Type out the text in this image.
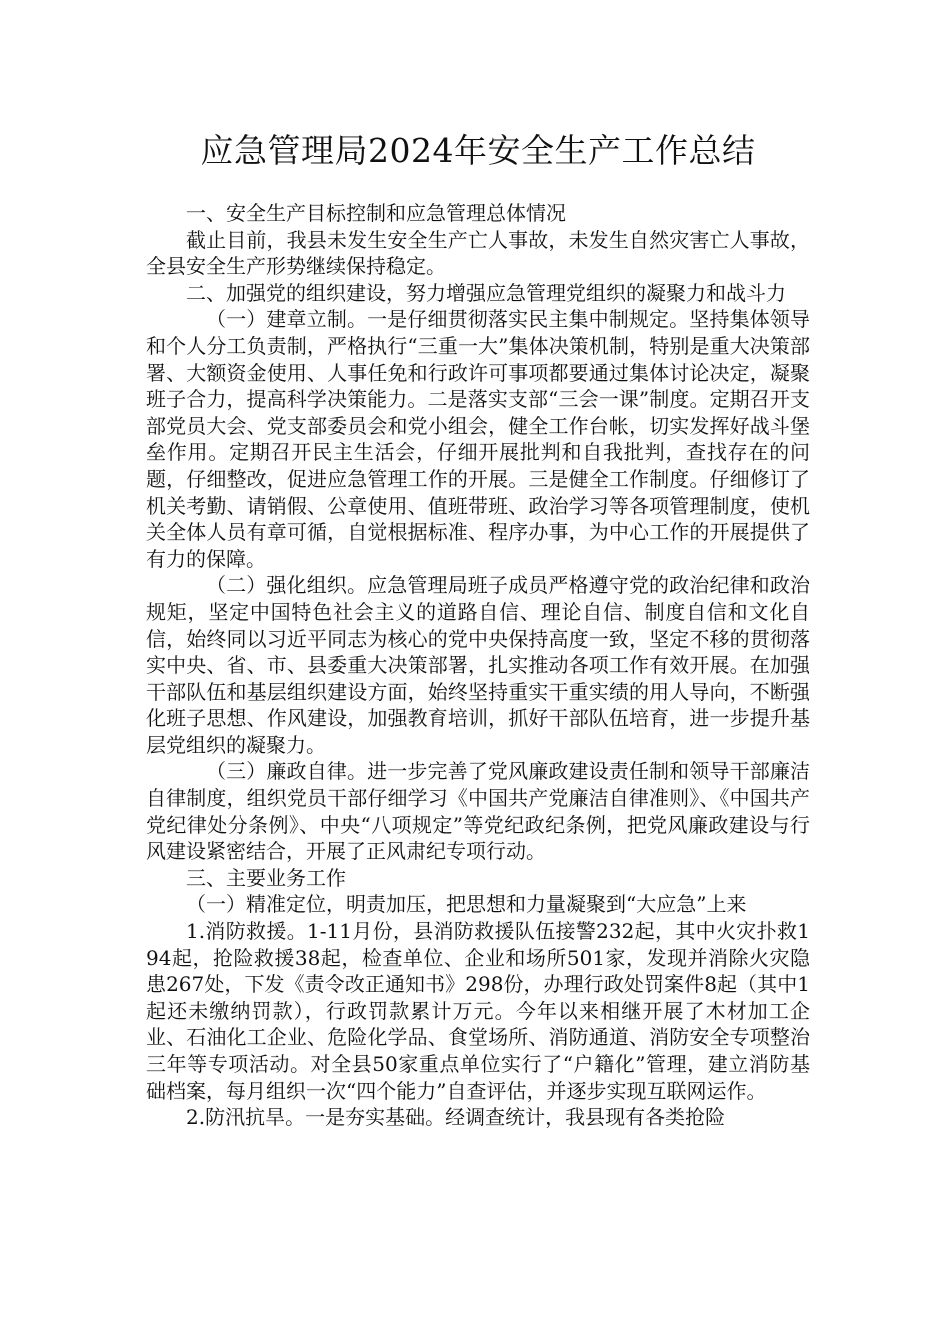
应急管理局2024年安全生产工作总结

一、安全生产目标控制和应急管理总体情况

截止目前，我县未发生安全生产亡人事故，未发生自然灾害亡人事故，全县安全生产形势继续保持稳定。

二、加强党的组织建设，努力增强应急管理党组织的凝聚力和战斗力

（一）建章立制。一是仔细贯彻落实民主集中制规定。坚持集体领导和个人分工负责制，严格执行“三重一大”集体决策机制，特别是重大决策部署、大额资金使用、人事任免和行政许可事项都要通过集体讨论决定，凝聚班子合力，提高科学决策能力。二是落实支部“三会一课”制度。定期召开支部党员大会、党支部委员会和党小组会，健全工作台帐，切实发挥好战斗堡垒作用。定期召开民主生活会，仔细开展批判和自我批判，查找存在的问题，仔细整改，促进应急管理工作的开展。三是健全工作制度。仔细修订了机关考勤、请销假、公章使用、值班带班、政治学习等各项管理制度，使机关全体人员有章可循，自觉根据标准、程序办事，为中心工作的开展提供了有力的保障。

（二）强化组织。应急管理局班子成员严格遵守党的政治纪律和政治规矩，坚定中国特色社会主义的道路自信、理论自信、制度自信和文化自信，始终同以习近平同志为核心的党中央保持高度一致，坚定不移的贯彻落实中央、省、市、县委重大决策部署，扎实推动各项工作有效开展。在加强干部队伍和基层组织建设方面，始终坚持重实干重实绩的用人导向，不断强化班子思想、作风建设，加强教育培训，抓好干部队伍培育，进一步提升基层党组织的凝聚力。

（三）廉政自律。进一步完善了党风廉政建设责任制和领导干部廉洁自律制度，组织党员干部仔细学习《中国共产党廉洁自律准则》、《中国共产党纪律处分条例》、中央“八项规定”等党纪政纪条例，把党风廉政建设与行风建设紧密结合，开展了正风肃纪专项行动。

三、主要业务工作

（一）精准定位，明责加压，把思想和力量凝聚到“大应急”上来

1.消防救援。1-11月份，县消防救援队伍接警232起，其中火灾扑救194起，抢险救援38起，检查单位、企业和场所501家，发现并消除火灾隐患267处，下发《责令改正通知书》298份，办理行政处罚案件8起（其中1起还未缴纳罚款），行政罚款累计万元。今年以来相继开展了木材加工企业、石油化工企业、危险化学品、食堂场所、消防通道、消防安全专项整治三年等专项活动。对全县50家重点单位实行了“户籍化”管理，建立消防基础档案，每月组织一次“四个能力”自查评估，并逐步实现互联网运作。

2.防汛抗旱。一是夯实基础。经调查统计，我县现有各类抢险
